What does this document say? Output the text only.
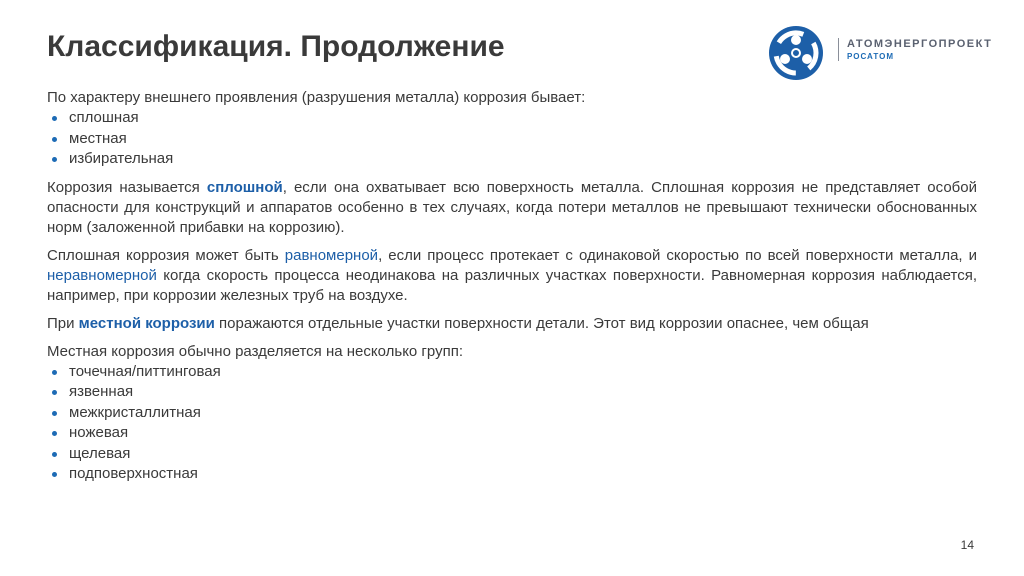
Классификация. Продолжение	АТОМЭНЕРГОПРОЕКТ
РОСАТОМ

По характеру внешнего проявления (разрушения металла) коррозия бывает:

сплошная
местная
избирательная

Коррозия называется сплошной, если она охватывает всю поверхность металла. Сплошная коррозия не представляет особой опасности для конструкций и аппаратов особенно в тех случаях, когда потери металлов не превышают технически обоснованных норм (заложенной прибавки на коррозию).

Сплошная коррозия может быть равномерной, если процесс протекает с одинаковой скоростью по всей поверхности металла, и неравномерной когда скорость процесса неодинакова на различных участках поверхности. Равномерная коррозия наблюдается, например, при коррозии железных труб на воздухе.

При местной коррозии поражаются отдельные участки поверхности детали. Этот вид коррозии опаснее, чем общая

Местная коррозия обычно разделяется на несколько групп:

точечная/питтинговая
язвенная
межкристаллитная
ножевая
щелевая
подповерхностная
14
